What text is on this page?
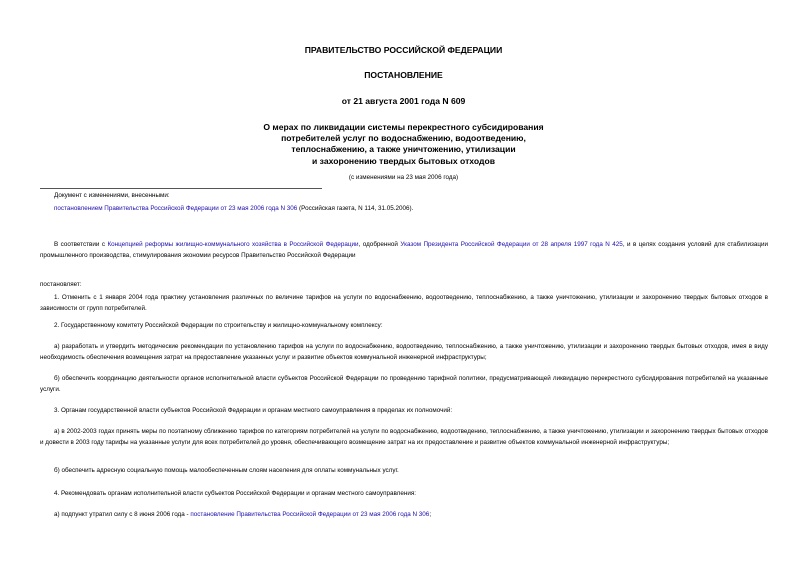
ПРАВИТЕЛЬСТВО РОССИЙСКОЙ ФЕДЕРАЦИИ

ПОСТАНОВЛЕНИЕ

от 21 августа 2001 года N 609

О мерах по ликвидации системы перекрестного субсидирования
потребителей услуг по водоснабжению, водоотведению,
теплоснабжению, а также уничтожению, утилизации
и захоронению твердых бытовых отходов

(с изменениями на 23 мая 2006 года)

Документ с изменениями, внесенными:
постановлением Правительства Российской Федерации от 23 мая 2006 года N 306 (Российская газета, N 114, 31.05.2006).

В соответствии с Концепцией реформы жилищно-коммунального хозяйства в Российской Федерации, одобренной Указом Президента Российской Федерации от 28 апреля 1997 года N 425, и в целях создания условий для стабилизации промышленного производства, стимулирования экономии ресурсов Правительство Российской Федерации

постановляет:

1. Отменить с 1 января 2004 года практику установления различных по величине тарифов на услуги по водоснабжению, водоотведению, теплоснабжению, а также уничтожению, утилизации и захоронению твердых бытовых отходов в зависимости от групп потребителей.

2. Государственному комитету Российской Федерации по строительству и жилищно-коммунальному комплексу:

а) разработать и утвердить методические рекомендации по установлению тарифов на услуги по водоснабжению, водоотведению, теплоснабжению, а также уничтожению, утилизации и захоронению твердых бытовых отходов, имея в виду необходимость обеспечения возмещения затрат на предоставление указанных услуг и развитие объектов коммунальной инженерной инфраструктуры;

б) обеспечить координацию деятельности органов исполнительной власти субъектов Российской Федерации по проведению тарифной политики, предусматривающей ликвидацию перекрестного субсидирования потребителей на указанные услуги.

3. Органам государственной власти субъектов Российской Федерации и органам местного самоуправления в пределах их полномочий:

а) в 2002-2003 годах принять меры по поэтапному сближению тарифов по категориям потребителей на услуги по водоснабжению, водоотведению, теплоснабжению, а также уничтожению, утилизации и захоронению твердых бытовых отходов и довести в 2003 году тарифы на указанные услуги для всех потребителей до уровня, обеспечивающего возмещение затрат на их предоставление и развитие объектов коммунальной инженерной инфраструктуры;

б) обеспечить адресную социальную помощь малообеспеченным слоям населения для оплаты коммунальных услуг.

4. Рекомендовать органам исполнительной власти субъектов Российской Федерации и органам местного самоуправления:

а) подпункт утратил силу с 8 июня 2006 года - постановление Правительства Российской Федерации от 23 мая 2006 года N 306;
